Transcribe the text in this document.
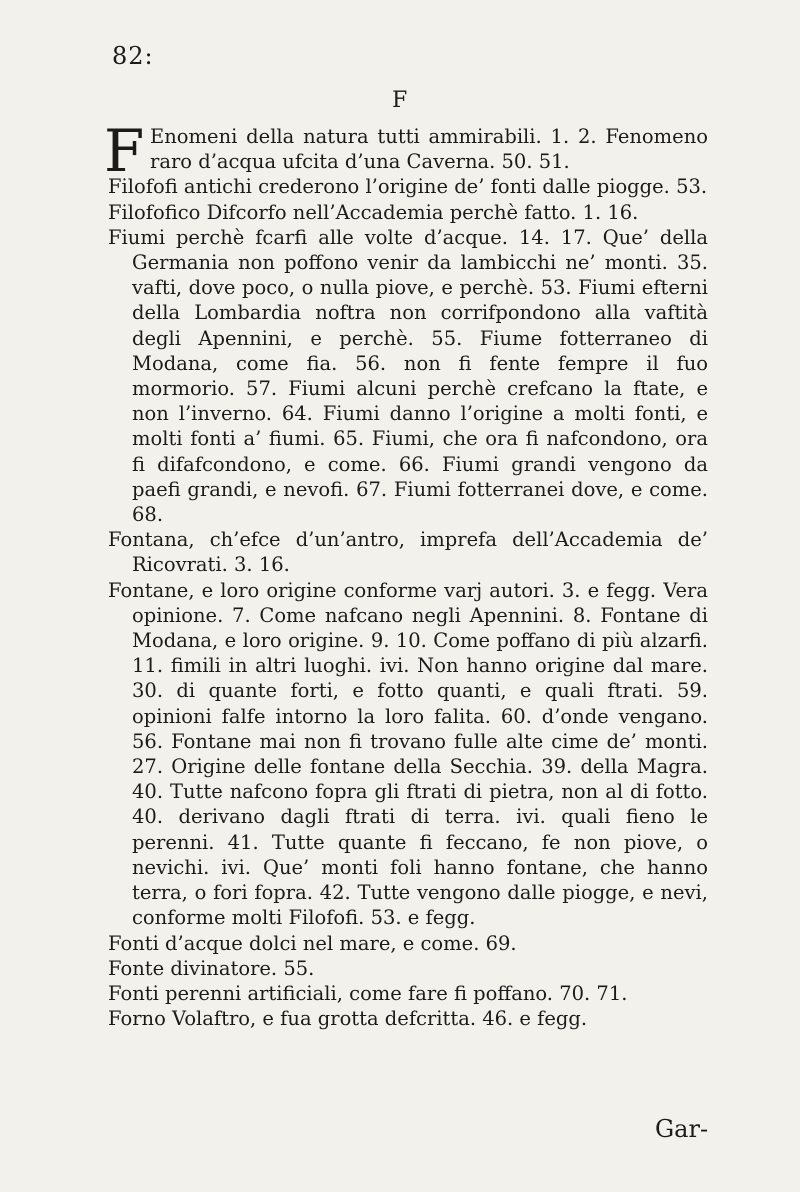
82:
F

F Enomeni della natura tutti ammirabili. 1. 2. Fenomeno raro d’acqua ufcita d’una Caverna. 50. 51.

Filofofi antichi crederono l’origine de’ fonti dalle piogge. 53.

Filofofico Difcorfo nell’Accademia perchè fatto. 1. 16.

Fiumi perchè fcarfi alle volte d’acque. 14. 17. Que’ della Germania non poffono venir da lambicchi ne’ monti. 35. vafti, dove poco, o nulla piove, e perchè. 53. Fiumi efterni della Lombardia noftra non corrifpondono alla vaftità degli Apennini, e perchè. 55. Fiume fotterraneo di Modana, come fia. 56. non fi fente fempre il fuo mormorio. 57. Fiumi alcuni perchè crefcano la ftate, e non l’inverno. 64. Fiumi danno l’origine a molti fonti, e molti fonti a’ fiumi. 65. Fiumi, che ora fi nafcondono, ora fi difafcondono, e come. 66. Fiumi grandi vengono da paefi grandi, e nevofi. 67. Fiumi fotterranei dove, e come. 68.

Fontana, ch’efce d’un’antro, imprefa dell’Accademia de’ Ricovrati. 3. 16.

Fontane, e loro origine conforme varj autori. 3. e fegg. Vera opinione. 7. Come nafcano negli Apennini. 8. Fontane di Modana, e loro origine. 9. 10. Come poffano di più alzarfi. 11. fimili in altri luoghi. ivi. Non hanno origine dal mare. 30. di quante forti, e fotto quanti, e quali ftrati. 59. opinioni falfe intorno la loro falita. 60. d’onde vengano. 56. Fontane mai non fi trovano fulle alte cime de’ monti. 27. Origine delle fontane della Secchia. 39. della Magra. 40. Tutte nafcono fopra gli ftrati di pietra, non al di fotto. 40. derivano dagli ftrati di terra. ivi. quali fieno le perenni. 41. Tutte quante fi feccano, fe non piove, o nevichi. ivi. Que’ monti foli hanno fontane, che hanno terra, o fori fopra. 42. Tutte vengono dalle piogge, e nevi, conforme molti Filofofi. 53. e fegg.

Fonti d’acque dolci nel mare, e come. 69.

Fonte divinatore. 55.

Fonti perenni artificiali, come fare fi poffano. 70. 71.

Forno Volaftro, e fua grotta defcritta. 46. e fegg.

Gar-
